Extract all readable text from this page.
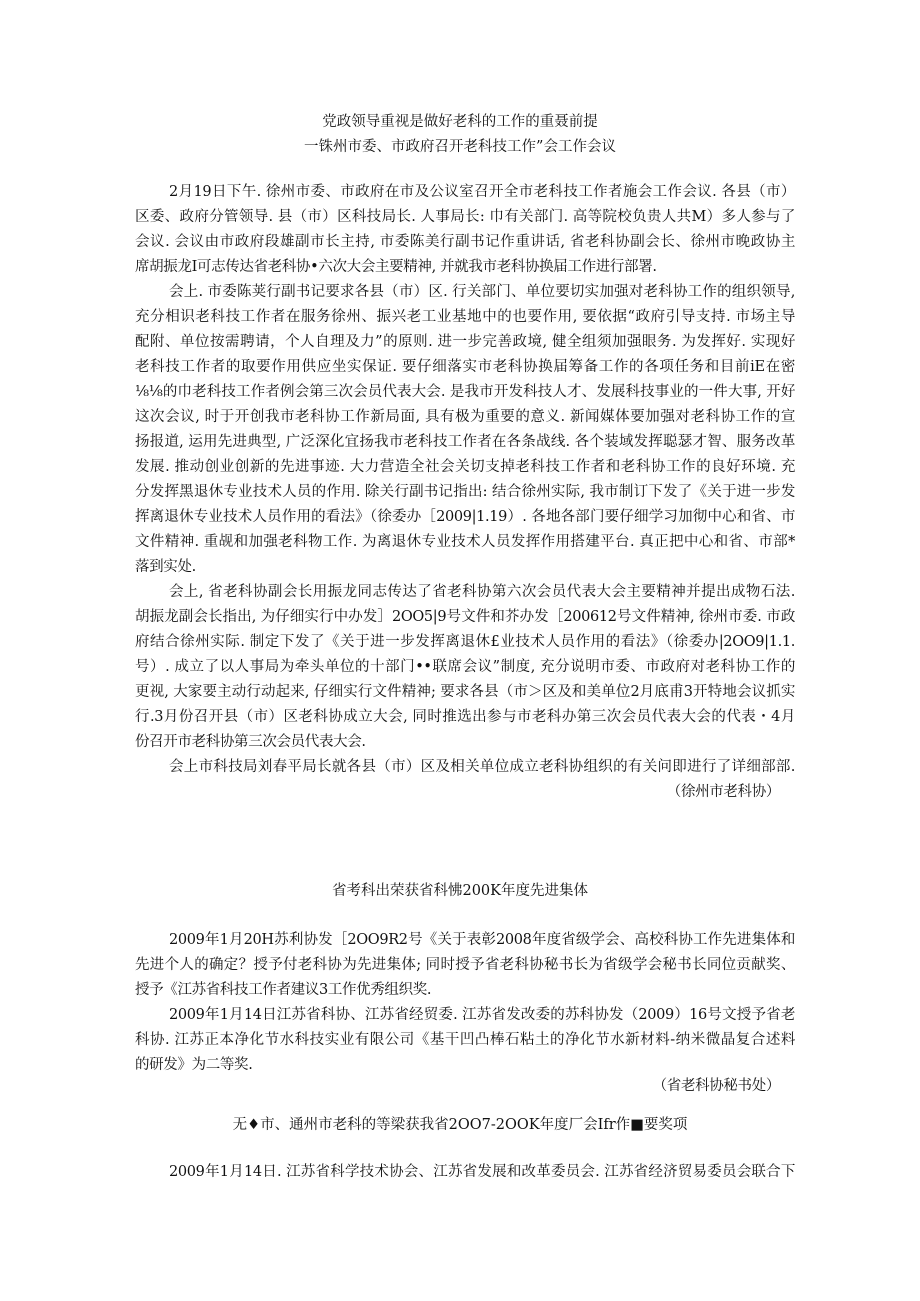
党政领导重视是做好老科的工作的重聂前提
一铢州市委、市政府召开老科技工作”会工作会议
2月19日下午. 徐州市委、市政府在市及公议室召开全市老科技工作者施会工作会议. 各县（市）
区委、政府分管领导. 县（市）区科技局长. 人事局长: 巾有关部门. 高等院校负贵人共M）多人参与了
会议. 会议由市政府段雄副市长主持, 市委陈美行副书记作重讲话, 省老科协副会长、徐州市晚政协主
席胡振龙I可志传达省老科协•六次大会主要精神, 并就我市老科协换届工作进行部署.
会上. 市委陈荚行副书记要求各县（市）区. 行关部门、单位要切实加强对老科协工作的组织领导,
充分相识老科技工作者在服务徐州、振兴老工业基地中的也要作用, 要依据“政府引导支持. 市场主导
配附、单位按需聘请，个人自理及力”的原则. 进一步完善政境, 健全组须加强眼务. 为发挥好. 实现好
老科技工作者的取要作用供应坐实保证. 要仔细落实市老科协换届筹备工作的各项任务和目前iE在密
⅛⅛的巾老科技工作者例会第三次会员代表大会. 是我市开发科技人才、发展科技事业的一件大事, 开好
这次会议, 时于开创我市老科协工作新局面, 具有极为重要的意义. 新闻媒体要加强对老科协工作的宣
扬报道, 运用先进典型, 广泛深化宜扬我市老科技工作者在各条战线. 各个装域发挥聪瑟才智、服务改革
发展. 推动创业创新的先进事迹. 大力营造全社会关切支掉老科技工作者和老科协工作的良好环境. 充
分发挥黑退休专业技术人员的作用. 除关行副书记指出: 结合徐州实际, 我市制订下发了《关于进一步发
挥离退休专业技术人员作用的看法》（徐委办［2009|1.19）. 各地各部门要仔细学习加彻中心和省、市
文件精神. 重觇和加强老科物工作. 为离退休专业技术人员发挥作用搭建平台. 真正把中心和省、市部*
落到实处.
会上, 省老科协副会长用振龙同志传达了省老科协第六次会员代表大会主要精神并提出成物石法.
胡振龙副会长指出, 为仔细实行中办发］2OO5|9号文件和芥办发［200612号文件精神, 徐州市委. 市政
府结合徐州实际. 制定下发了《关于进一步发挥离退休£业技术人员作用的看法》（徐委办|2OO9|1.1.
号）. 成立了以人事局为牵头单位的十部门••联席会议”制度, 充分说明市委、市政府对老科协工作的
更视, 大家要主动行动起来, 仔细实行文件精神; 要求各县（市＞区及和美单位2月底甫3开特地会议抓实
行.3月份召开县（市）区老科协成立大会, 同时推选出参与市老科办第三次会员代表大会的代表・4月
份召开市老科协第三次会员代表大会.
会上市科技局刘春平局长就各县（市）区及相关单位成立老科协组织的有关问即进行了详细部部.
（徐州市老科协）
省考科出荣获省科怫200K年度先进集体
2009年1月20H苏利协发［2OO9R2号《关于表彰2008年度省级学会、高校科协工作先进集体和
先进个人的确定？授予付老科协为先进集体; 同时授予省老科协秘书长为省级学会秘书长同位贡献奖、
授予《江苏省科技工作者建议3工作优秀组织奖.
2009年1月14日江苏省科协、江苏省经贸委. 江苏省发改委的苏科协发（2009）16号文授予省老
科协. 江苏正本净化节水科技实业有限公司《基干凹凸棒石粘土的净化节水新材料-纳米微晶复合述料
的研发》为二等奖.
（省老科协秘书处）
无♦市、通州市老科的等梁获我省2OO7-2OOK年度厂会Ifr作■要奖项
2009年1月14日. 江苏省科学技术协会、江苏省发展和改革委员会. 江苏省经济贸易委员会联合下
